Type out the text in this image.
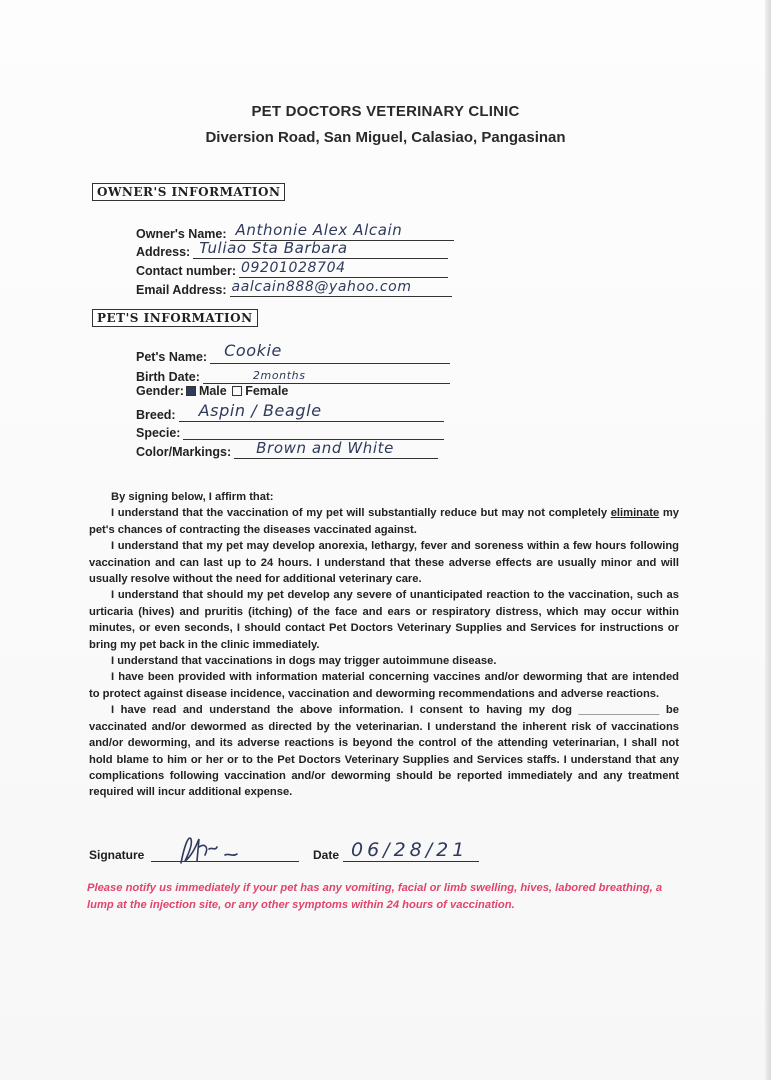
PET DOCTORS VETERINARY CLINIC
Diversion Road, San Miguel, Calasiao, Pangasinan
OWNER'S INFORMATION
Owner's Name: Anthonie Alex Alcain
Address: Tuliao Sta Barbara
Contact number: 09201028704
Email Address: aalcain888@yahoo.com
PET'S INFORMATION
Pet's Name: Cookie
Birth Date:	2months
Gender: Male Female
Breed: Aspin / Beagle
Specie:
Color/Markings: Brown and White

By signing below, I affirm that:

I understand that the vaccination of my pet will substantially reduce but may not completely eliminate my pet's chances of contracting the diseases vaccinated against.

I understand that my pet may develop anorexia, lethargy, fever and soreness within a few hours following vaccination and can last up to 24 hours. I understand that these adverse effects are usually minor and will usually resolve without the need for additional veterinary care.

I understand that should my pet develop any severe of unanticipated reaction to the vaccination, such as urticaria (hives) and pruritis (itching) of the face and ears or respiratory distress, which may occur within minutes, or even seconds, I should contact Pet Doctors Veterinary Supplies and Services for instructions or bring my pet back in the clinic immediately.

I understand that vaccinations in dogs may trigger autoimmune disease.

I have been provided with information material concerning vaccines and/or deworming that are intended to protect against disease incidence, vaccination and deworming recommendations and adverse reactions.

I have read and understand the above information. I consent to having my dog _____________ be vaccinated and/or dewormed as directed by the veterinarian. I understand the inherent risk of vaccinations and/or deworming, and its adverse reactions is beyond the control of the attending veterinarian, I shall not hold blame to him or her or to the Pet Doctors Veterinary Supplies and Services staffs. I understand that any complications following vaccination and/or deworming should be reported immediately and any treatment required will incur additional expense.

Signature	Date 06/28/21
Please notify us immediately if your pet has any vomiting, facial or limb swelling, hives, labored breathing, a lump at the injection site, or any other symptoms within 24 hours of vaccination.
